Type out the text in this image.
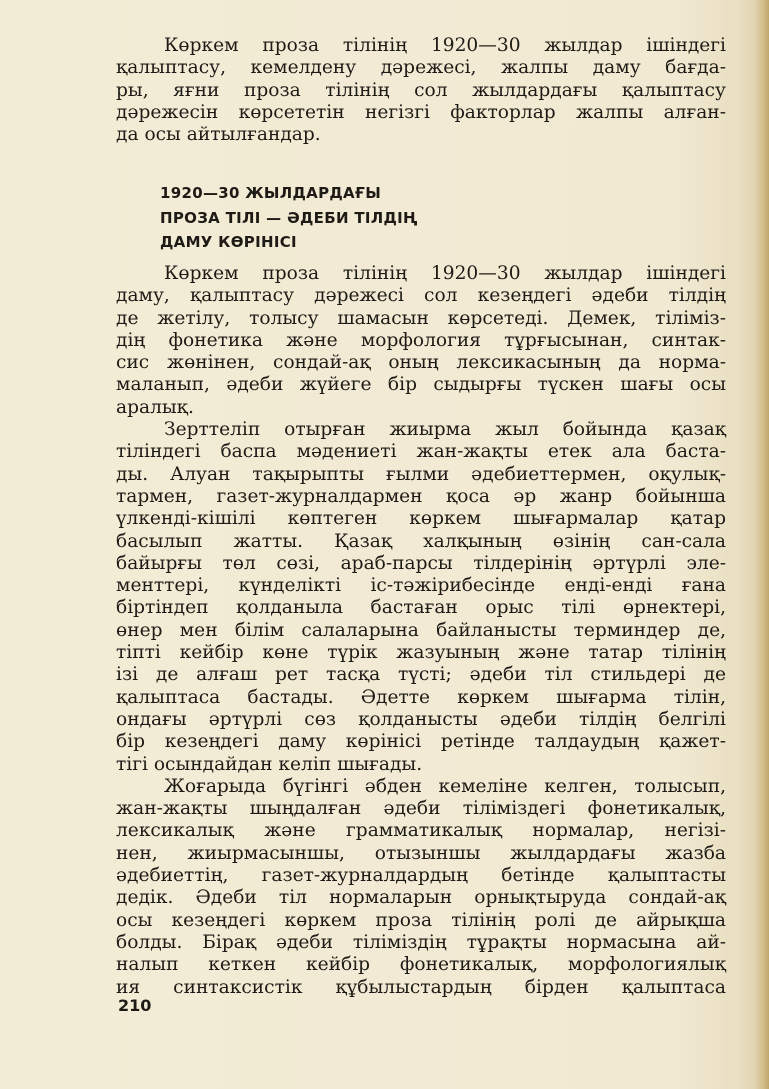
Көркем проза тілінің 1920—30 жылдар ішіндегі

қалыптасу, кемелдену дәрежесі, жалпы даму бағда-

ры, яғни проза тілінің сол жылдардағы қалыптасу

дәрежесін көрсететін негізгі факторлар жалпы алған-

да осы айтылғандар.

1920—30 ЖЫЛДАРДАҒЫ
ПРОЗА ТІЛІ — ӘДЕБИ ТІЛДІҢ
ДАМУ КӨРІНІСІ

Көркем проза тілінің 1920—30 жылдар ішіндегі

даму, қалыптасу дәрежесі сол кезеңдегі әдеби тілдің

де жетілу, толысу шамасын көрсетеді. Демек, тіліміз-

дің фонетика және морфология тұрғысынан, синтак-

сис жөнінен, сондай-ақ оның лексикасының да норма-

маланып, әдеби жүйеге бір сыдырғы түскен шағы осы

аралық.

Зерттеліп отырған жиырма жыл бойында қазақ

тіліндегі баспа мәдениеті жан-жақты етек ала баста-

ды. Алуан тақырыпты ғылми әдебиеттермен, оқулық-

тармен, газет-журналдармен қоса әр жанр бойынша

үлкенді-кішілі көптеген көркем шығармалар қатар

басылып жатты. Қазақ халқының өзінің сан-сала

байырғы төл сөзі, араб-парсы тілдерінің әртүрлі эле-

менттері, күнделікті іс-тәжірибесінде енді-енді ғана

біртіндеп қолданыла бастаған орыс тілі өрнектері,

өнер мен білім салаларына байланысты терминдер де,

тіпті кейбір көне түрік жазуының және татар тілінің

ізі де алғаш рет тасқа түсті; әдеби тіл стильдері де

қалыптаса бастады. Әдетте көркем шығарма тілін,

ондағы әртүрлі сөз қолданысты әдеби тілдің белгілі

бір кезеңдегі даму көрінісі ретінде талдаудың қажет-

тігі осындайдан келіп шығады.

Жоғарыда бүгінгі әбден кемеліне келген, толысып,

жан-жақты шыңдалған әдеби тіліміздегі фонетикалық,

лексикалық және грамматикалық нормалар, негізі-

нен, жиырмасыншы, отызыншы жылдардағы жазба

әдебиеттің, газет-журналдардың бетінде қалыптасты

дедік. Әдеби тіл нормаларын орнықтыруда сондай-ақ

осы кезеңдегі көркем проза тілінің ролі де айрықша

болды. Бірақ әдеби тіліміздің тұрақты нормасына ай-

налып кеткен кейбір фонетикалық, морфологиялық

ия синтаксистік құбылыстардың бірден қалыптаса

210
